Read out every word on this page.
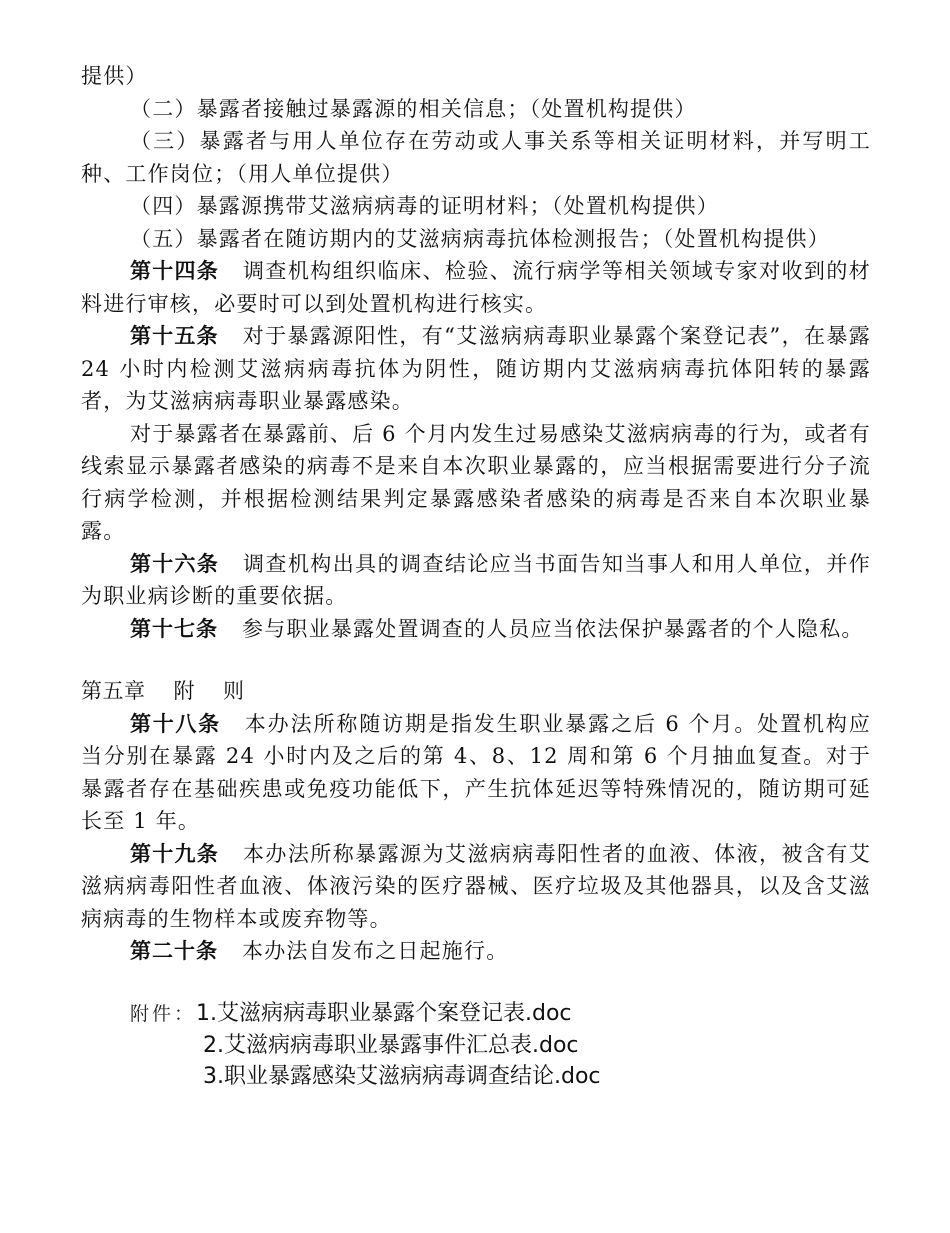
提供）

（二）暴露者接触过暴露源的相关信息；（处置机构提供）

（三）暴露者与用人单位存在劳动或人事关系等相关证明材料，并写明工种、工作岗位；（用人单位提供）

（四）暴露源携带艾滋病病毒的证明材料；（处置机构提供）

（五）暴露者在随访期内的艾滋病病毒抗体检测报告；（处置机构提供）

第十四条 调查机构组织临床、检验、流行病学等相关领域专家对收到的材料进行审核，必要时可以到处置机构进行核实。

第十五条 对于暴露源阳性，有“艾滋病病毒职业暴露个案登记表”，在暴露 24 小时内检测艾滋病病毒抗体为阴性，随访期内艾滋病病毒抗体阳转的暴露者，为艾滋病病毒职业暴露感染。

对于暴露者在暴露前、后 6 个月内发生过易感染艾滋病病毒的行为，或者有线索显示暴露者感染的病毒不是来自本次职业暴露的，应当根据需要进行分子流行病学检测，并根据检测结果判定暴露感染者感染的病毒是否来自本次职业暴露。

第十六条 调查机构出具的调查结论应当书面告知当事人和用人单位，并作为职业病诊断的重要依据。

第十七条 参与职业暴露处置调查的人员应当依法保护暴露者的个人隐私。

第五章 附 则

第十八条 本办法所称随访期是指发生职业暴露之后 6 个月。处置机构应当分别在暴露 24 小时内及之后的第 4、8、12 周和第 6 个月抽血复查。对于暴露者存在基础疾患或免疫功能低下，产生抗体延迟等特殊情况的，随访期可延长至 1 年。

第十九条 本办法所称暴露源为艾滋病病毒阳性者的血液、体液，被含有艾滋病病毒阳性者血液、体液污染的医疗器械、医疗垃圾及其他器具，以及含艾滋病病毒的生物样本或废弃物等。

第二十条 本办法自发布之日起施行。

附件：1.艾滋病病毒职业暴露个案登记表.doc
2.艾滋病病毒职业暴露事件汇总表.doc
3.职业暴露感染艾滋病病毒调查结论.doc
